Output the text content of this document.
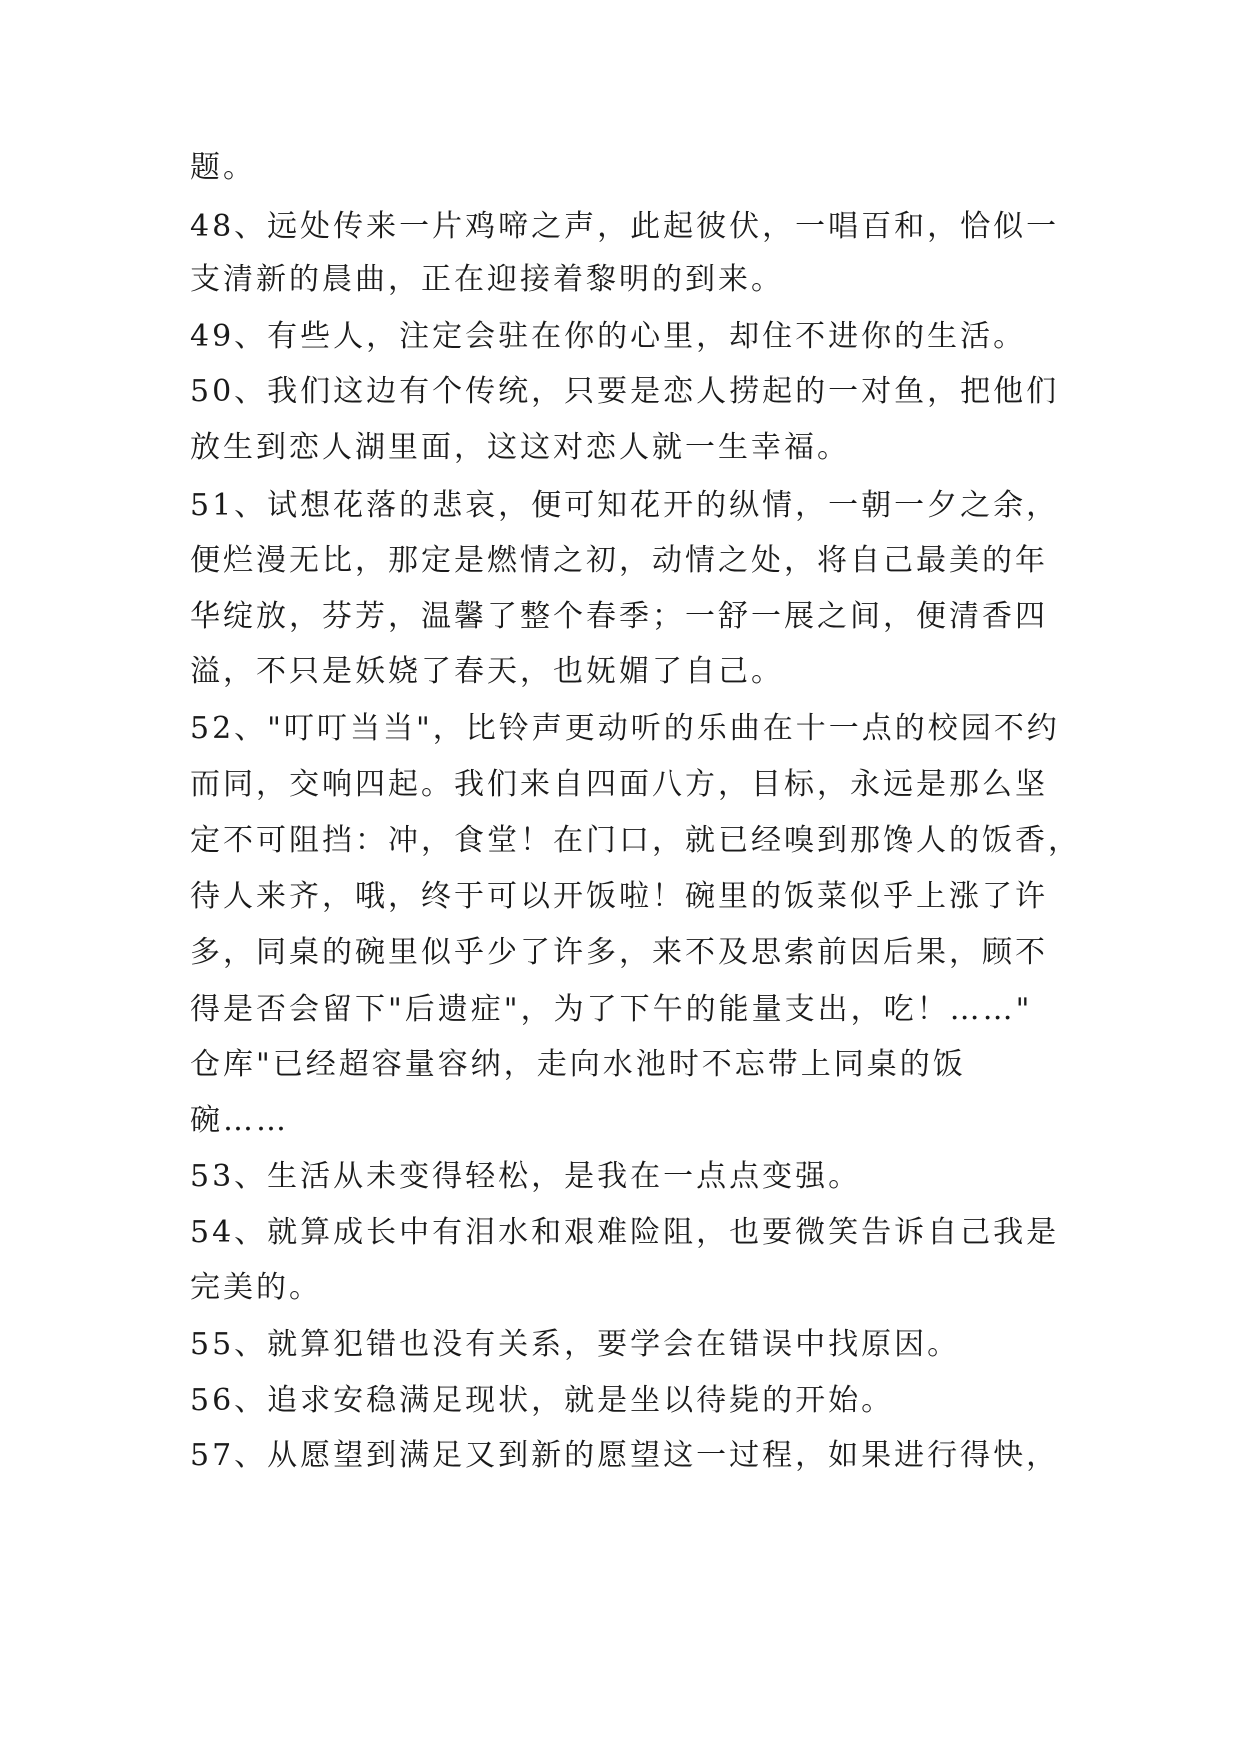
题。
48、远处传来一片鸡啼之声，此起彼伏，一唱百和，恰似一
支清新的晨曲，正在迎接着黎明的到来。
49、有些人，注定会驻在你的心里，却住不进你的生活。
50、我们这边有个传统，只要是恋人捞起的一对鱼，把他们
放生到恋人湖里面，这这对恋人就一生幸福。
51、试想花落的悲哀，便可知花开的纵情，一朝一夕之余，
便烂漫无比，那定是燃情之初，动情之处，将自己最美的年
华绽放，芬芳，温馨了整个春季；一舒一展之间，便清香四
溢，不只是妖娆了春天，也妩媚了自己。
52、"叮叮当当"，比铃声更动听的乐曲在十一点的校园不约
而同，交响四起。我们来自四面八方，目标，永远是那么坚
定不可阻挡：冲，食堂！在门口，就已经嗅到那馋人的饭香，
待人来齐，哦，终于可以开饭啦！碗里的饭菜似乎上涨了许
多，同桌的碗里似乎少了许多，来不及思索前因后果，顾不
得是否会留下"后遗症"，为了下午的能量支出，吃！……"
仓库"已经超容量容纳，走向水池时不忘带上同桌的饭
碗……
53、生活从未变得轻松，是我在一点点变强。
54、就算成长中有泪水和艰难险阻，也要微笑告诉自己我是
完美的。
55、就算犯错也没有关系，要学会在错误中找原因。
56、追求安稳满足现状，就是坐以待毙的开始。
57、从愿望到满足又到新的愿望这一过程，如果进行得快，
